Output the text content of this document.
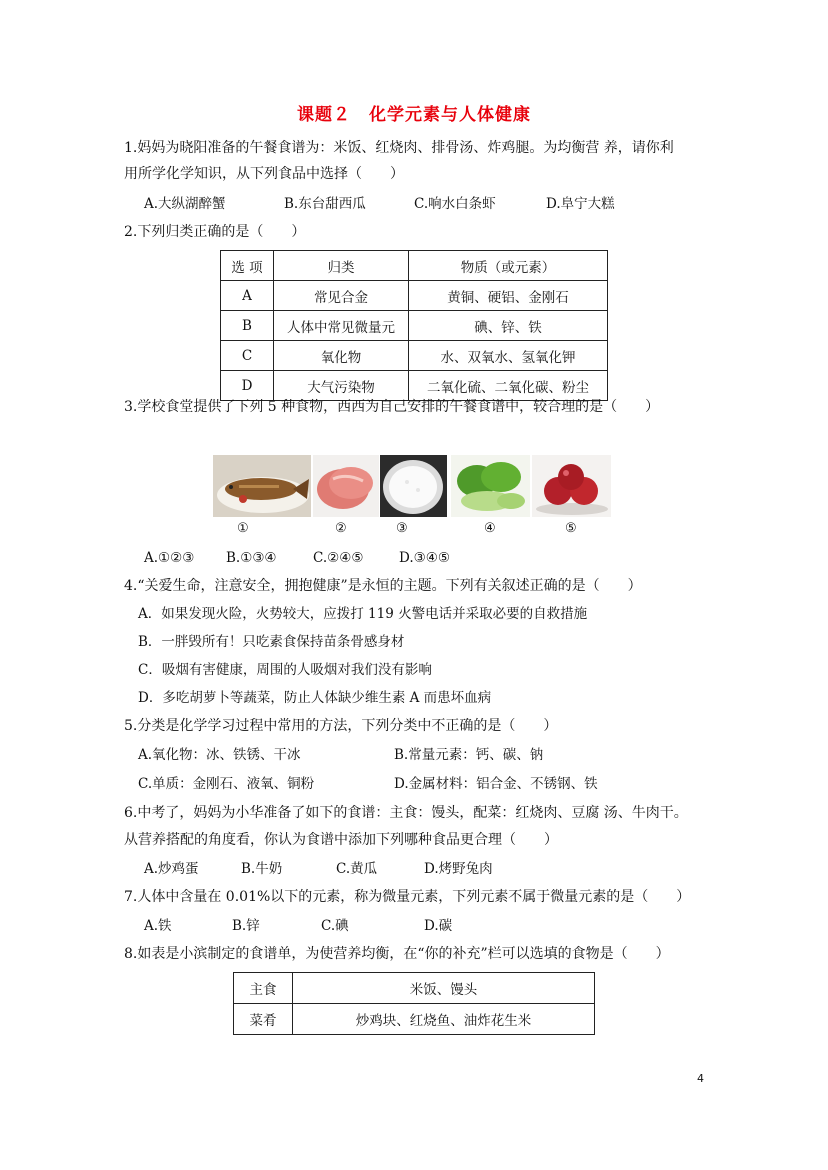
课题２　化学元素与人体健康
1.妈妈为晓阳准备的午餐食谱为：米饭、红烧肉、排骨汤、炸鸡腿。为均衡营 养，请你利
用所学化学知识，从下列食品中选择（　　）
A.大纵湖醉蟹	B.东台甜西瓜	C.响水白条虾	D.阜宁大糕
2.下列归类正确的是（　　）
选 项	归类	物质（或元素）
A	常见合金	黄铜、硬铝、金刚石
B	人体中常见微量元	碘、锌、铁
C	氧化物	水、双氧水、氢氧化钾
D	大气污染物	二氧化硫、二氧化碳、粉尘
3.学校食堂提供了下列 5 种食物，西西为自己安排的午餐食谱中，较合理的是（　　）
①	②	③	④	⑤
A.①②③ B.①③④	C.②④⑤	D.③④⑤
4.“关爱生命，注意安全，拥抱健康”是永恒的主题。下列有关叙述正确的是（　　）
A．如果发现火险，火势较大，应拨打 119 火警电话并采取必要的自救措施
B．一胖毁所有！只吃素食保持苗条骨感身材
C．吸烟有害健康，周围的人吸烟对我们没有影响
D．多吃胡萝卜等蔬菜，防止人体缺少维生素 A 而患坏血病
5.分类是化学学习过程中常用的方法，下列分类中不正确的是（　　）
A.氧化物：冰、铁锈、干冰	B.常量元素：钙、碳、钠
C.单质：金刚石、液氧、铜粉	D.金属材料：铝合金、不锈钢、铁
6.中考了，妈妈为小华准备了如下的食谱：主食：馒头，配菜：红烧肉、豆腐 汤、牛肉干。
从营养搭配的角度看，你认为食谱中添加下列哪种食品更合理（　　）
A.炒鸡蛋	B.牛奶	C.黄瓜	D.烤野兔肉
7.人体中含量在 0.01%以下的元素，称为微量元素，下列元素不属于微量元素的是（　　）
A.铁	B.锌	C.碘	D.碳
8.如表是小滨制定的食谱单，为使营养均衡，在“你的补充”栏可以选填的食物是（　　）
主食	米饭、馒头
菜肴	炒鸡块、红烧鱼、油炸花生米
4
